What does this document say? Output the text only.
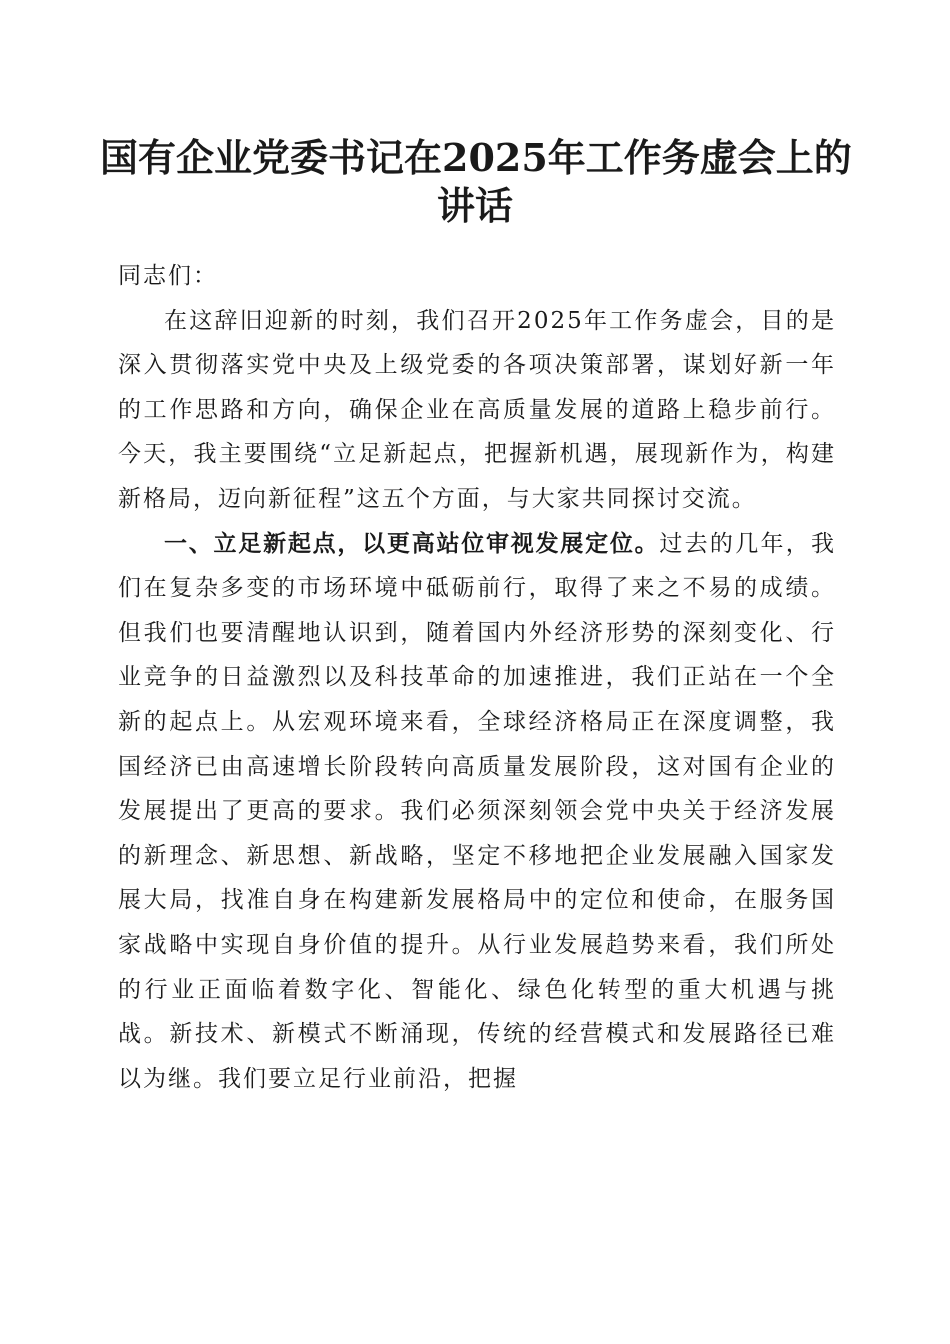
国有企业党委书记在2025年工作务虚会上的
讲话

同志们：

在这辞旧迎新的时刻，我们召开2025年工作务虚会，目的是深入贯彻落实党中央及上级党委的各项决策部署，谋划好新一年的工作思路和方向，确保企业在高质量发展的道路上稳步前行。今天，我主要围绕“立足新起点，把握新机遇，展现新作为，构建新格局，迈向新征程”这五个方面，与大家共同探讨交流。

一、立足新起点，以更高站位审视发展定位。过去的几年，我们在复杂多变的市场环境中砥砺前行，取得了来之不易的成绩。但我们也要清醒地认识到，随着国内外经济形势的深刻变化、行业竞争的日益激烈以及科技革命的加速推进，我们正站在一个全新的起点上。从宏观环境来看，全球经济格局正在深度调整，我国经济已由高速增长阶段转向高质量发展阶段，这对国有企业的发展提出了更高的要求。我们必须深刻领会党中央关于经济发展的新理念、新思想、新战略，坚定不移地把企业发展融入国家发展大局，找准自身在构建新发展格局中的定位和使命，在服务国家战略中实现自身价值的提升。从行业发展趋势来看，我们所处的行业正面临着数字化、智能化、绿色化转型的重大机遇与挑战。新技术、新模式不断涌现，传统的经营模式和发展路径已难以为继。我们要立足行业前沿，把握
